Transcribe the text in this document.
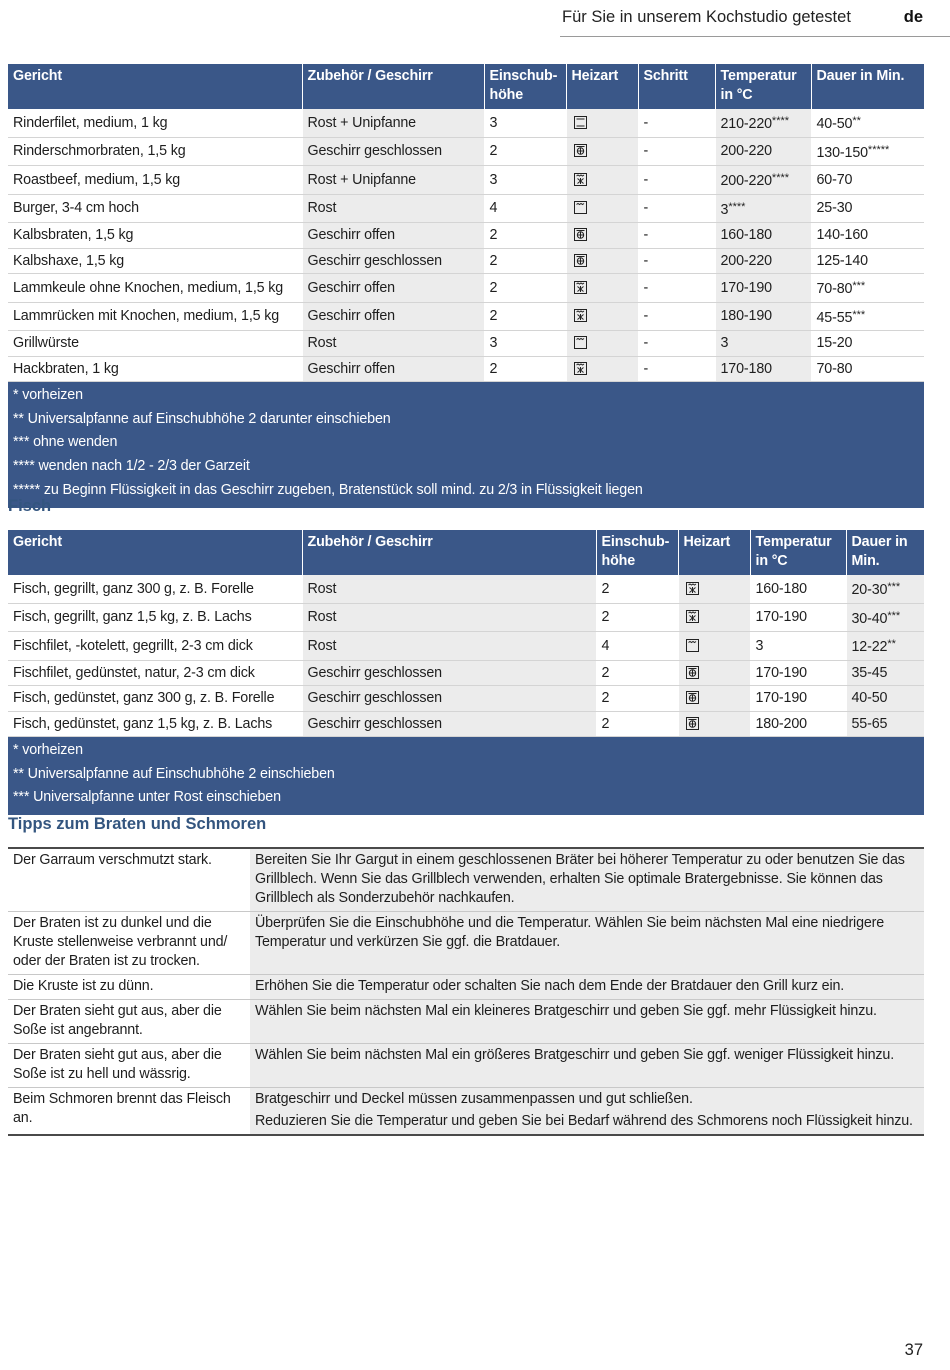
Für Sie in unserem Kochstudio getestet	de
Gericht	Zubehör / Geschirr	Einschub-
höhe	Heizart	Schritt	Temperatur
in °C	Dauer in Min.
Rinderfilet, medium, 1 kg	Rost + Unipfanne	3		-	210-220****	40-50**
Rinderschmorbraten, 1,5 kg	Geschirr geschlossen	2		-	200-220	130-150*****
Roastbeef, medium, 1,5 kg	Rost + Unipfanne	3		-	200-220****	60-70
Burger, 3-4 cm hoch	Rost	4		-	3****	25-30
Kalbsbraten, 1,5 kg	Geschirr offen	2		-	160-180	140-160
Kalbshaxe, 1,5 kg	Geschirr geschlossen	2		-	200-220	125-140
Lammkeule ohne Knochen, medium, 1,5 kg	Geschirr offen	2		-	170-190	70-80***
Lammrücken mit Knochen, medium, 1,5 kg	Geschirr offen	2		-	180-190	45-55***
Grillwürste	Rost	3		-	3	15-20
Hackbraten, 1 kg	Geschirr offen	2		-	170-180	70-80

* vorheizen
** Universalpfanne auf Einschubhöhe 2 darunter einschieben
*** ohne wenden
**** wenden nach 1/2 - 2/3 der Garzeit
***** zu Beginn Flüssigkeit in das Geschirr zugeben, Bratenstück soll mind. zu 2/3 in Flüssigkeit liegen						
Fisch
Gericht	Zubehör / Geschirr	Einschub-
höhe	Heizart	Temperatur
in °C	Dauer in
Min.
Fisch, gegrillt, ganz 300 g, z. B. Forelle	Rost	2		160-180	20-30***
Fisch, gegrillt, ganz 1,5 kg, z. B. Lachs	Rost	2		170-190	30-40***
Fischfilet, -kotelett, gegrillt, 2-3 cm dick	Rost	4		3	12-22**
Fischfilet, gedünstet, natur, 2-3 cm dick	Geschirr geschlossen	2		170-190	35-45
Fisch, gedünstet, ganz 300 g, z. B. Forelle	Geschirr geschlossen	2		170-190	40-50
Fisch, gedünstet, ganz 1,5 kg, z. B. Lachs	Geschirr geschlossen	2		180-200	55-65

* vorheizen
** Universalpfanne auf Einschubhöhe 2 einschieben
*** Universalpfanne unter Rost einschieben					
Tipps zum Braten und Schmoren
Der Garraum verschmutzt stark.	Bereiten Sie Ihr Gargut in einem geschlossenen Bräter bei höherer Temperatur zu oder benutzen Sie das Grillblech. Wenn Sie das Grillblech verwenden, erhalten Sie optimale Bratergebnisse. Sie können das Grillblech als Sonderzubehör nachkaufen.

Der Braten ist zu dunkel und die Kruste stellenweise verbrannt und/ oder der Braten ist zu trocken.	Überprüfen Sie die Einschubhöhe und die Temperatur. Wählen Sie beim nächsten Mal eine niedrigere Temperatur und verkürzen Sie ggf. die Bratdauer.

Die Kruste ist zu dünn.	Erhöhen Sie die Temperatur oder schalten Sie nach dem Ende der Bratdauer den Grill kurz ein.

Der Braten sieht gut aus, aber die Soße ist angebrannt.	Wählen Sie beim nächsten Mal ein kleineres Bratgeschirr und geben Sie ggf. mehr Flüssigkeit hinzu.

Der Braten sieht gut aus, aber die Soße ist zu hell und wässrig.	Wählen Sie beim nächsten Mal ein größeres Bratgeschirr und geben Sie ggf. weniger Flüssigkeit hinzu.

Beim Schmoren brennt das Fleisch an.	Bratgeschirr und Deckel müssen zusammenpassen und gut schließen.
Reduzieren Sie die Temperatur und geben Sie bei Bedarf während des Schmorens noch Flüssigkeit hinzu.
37
